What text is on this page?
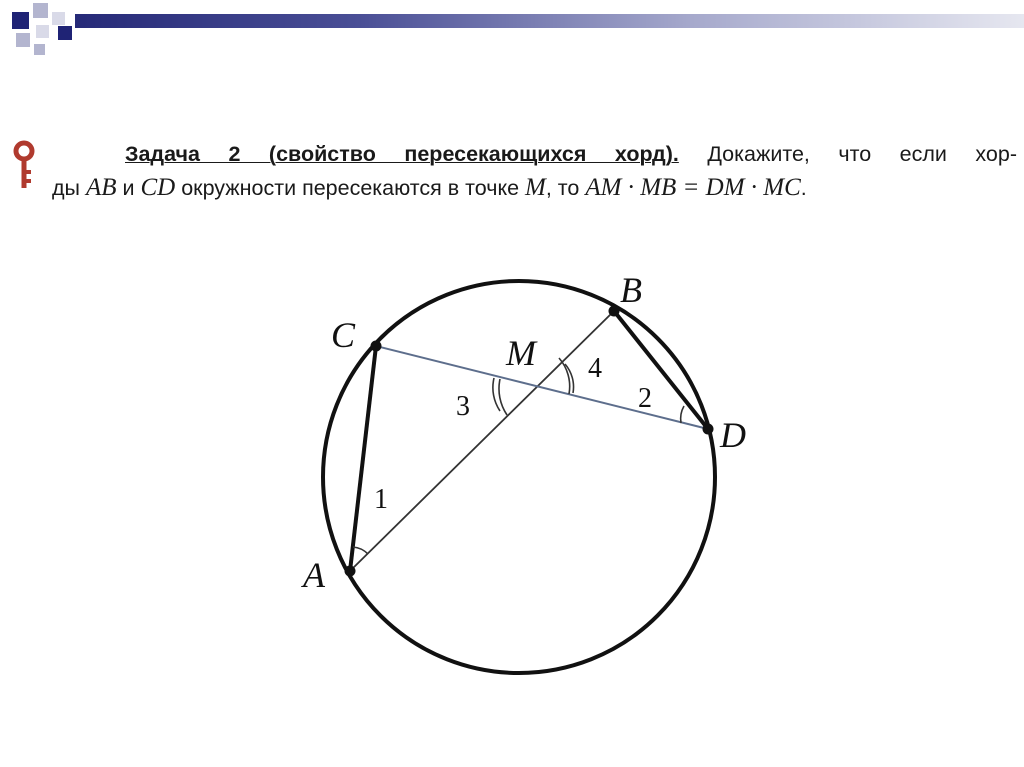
Задача 2 (свойство пересекающихся хорд). Докажите, что если хор-
ды AB и CD окружности пересекаются в точке M, то AM · MB = DM · MC.
B
C	M
D
A
1
2
3
4
